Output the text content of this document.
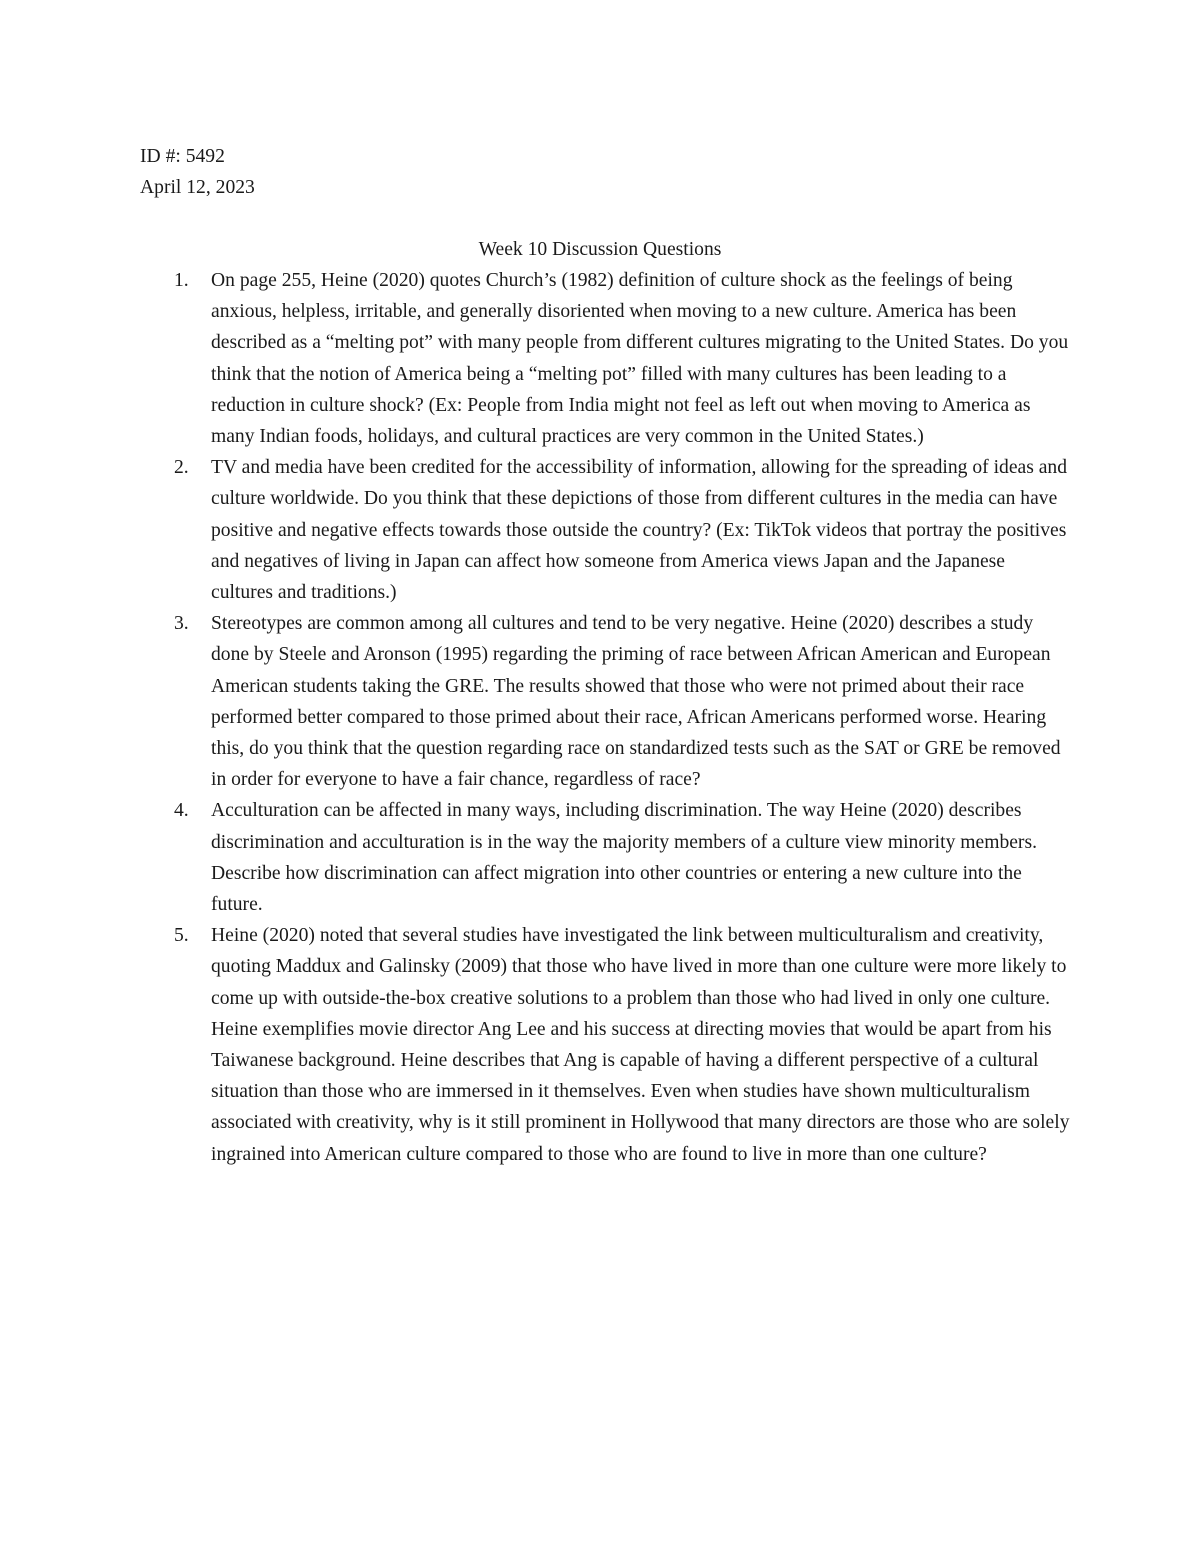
ID #: 5492
April 12, 2023
Week 10 Discussion Questions
1. On page 255, Heine (2020) quotes Church’s (1982) definition of culture shock as the feelings of being anxious, helpless, irritable, and generally disoriented when moving to a new culture. America has been described as a “melting pot” with many people from different cultures migrating to the United States. Do you think that the notion of America being a “melting pot” filled with many cultures has been leading to a reduction in culture shock? (Ex: People from India might not feel as left out when moving to America as many Indian foods, holidays, and cultural practices are very common in the United States.)
2. TV and media have been credited for the accessibility of information, allowing for the spreading of ideas and culture worldwide. Do you think that these depictions of those from different cultures in the media can have positive and negative effects towards those outside the country? (Ex: TikTok videos that portray the positives and negatives of living in Japan can affect how someone from America views Japan and the Japanese cultures and traditions.)
3. Stereotypes are common among all cultures and tend to be very negative. Heine (2020) describes a study done by Steele and Aronson (1995) regarding the priming of race between African American and European American students taking the GRE. The results showed that those who were not primed about their race performed better compared to those primed about their race, African Americans performed worse. Hearing this, do you think that the question regarding race on standardized tests such as the SAT or GRE be removed in order for everyone to have a fair chance, regardless of race?
4. Acculturation can be affected in many ways, including discrimination. The way Heine (2020) describes discrimination and acculturation is in the way the majority members of a culture view minority members. Describe how discrimination can affect migration into other countries or entering a new culture into the future.
5. Heine (2020) noted that several studies have investigated the link between multiculturalism and creativity, quoting Maddux and Galinsky (2009) that those who have lived in more than one culture were more likely to come up with outside-the-box creative solutions to a problem than those who had lived in only one culture. Heine exemplifies movie director Ang Lee and his success at directing movies that would be apart from his Taiwanese background. Heine describes that Ang is capable of having a different perspective of a cultural situation than those who are immersed in it themselves. Even when studies have shown multiculturalism associated with creativity, why is it still prominent in Hollywood that many directors are those who are solely ingrained into American culture compared to those who are found to live in more than one culture?
